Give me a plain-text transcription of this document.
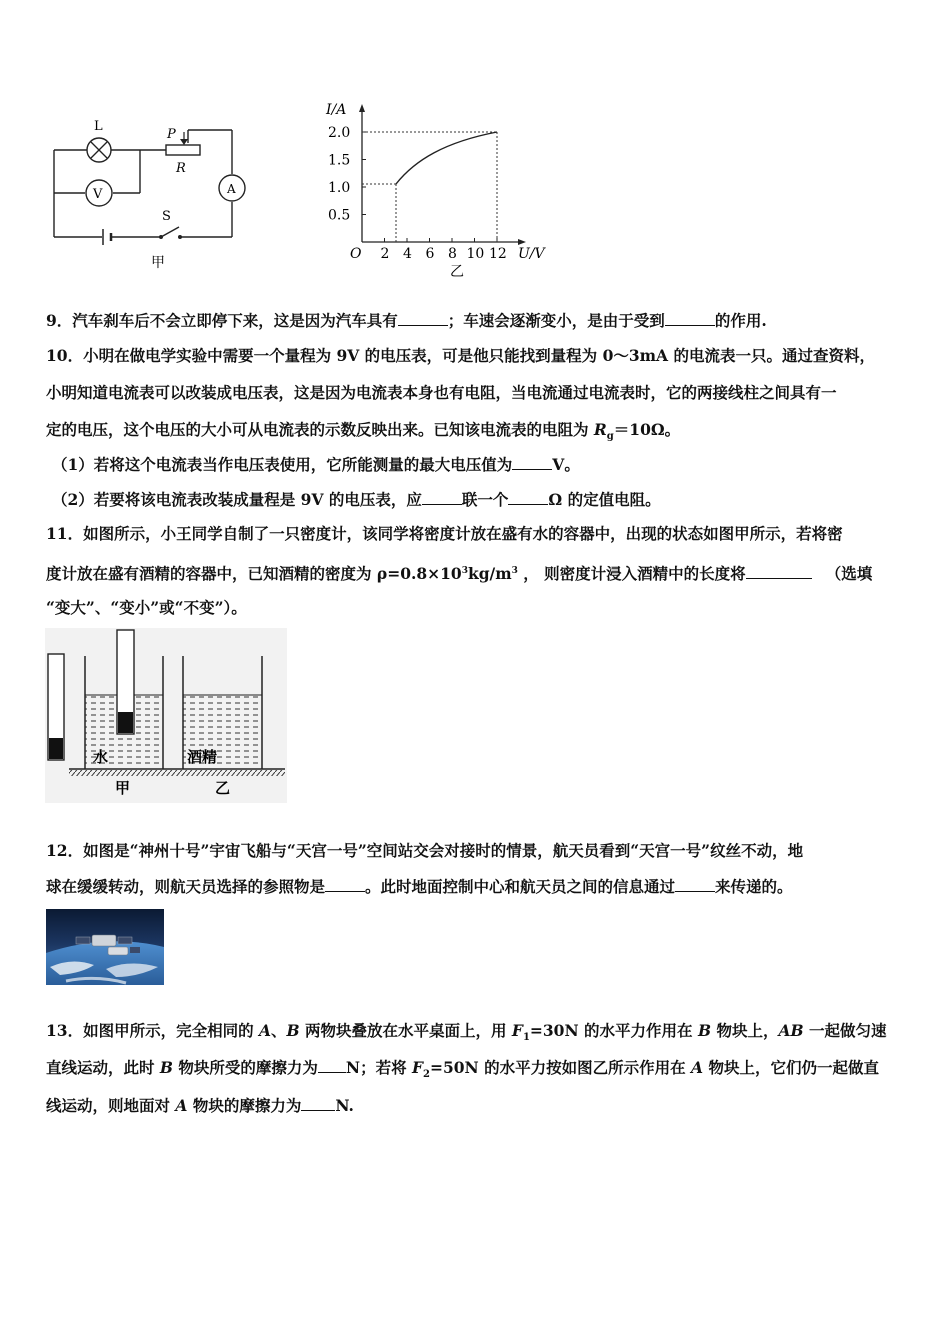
L
V
P
R
A
S
甲
I/A
U/V
O
2.0
1.5
1.0
0.5
2 4 6 8 10 12
乙
9．汽车刹车后不会立即停下来，这是因为汽车具有	；车速会逐渐变小，是由于受到	的作用.
10．小明在做电学实验中需要一个量程为 9V 的电压表，可是他只能找到量程为 0～3mA 的电流表一只。通过查资料，
小明知道电流表可以改装成电压表，这是因为电流表本身也有电阻，当电流通过电流表时，它的两接线柱之间具有一
定的电压，这个电压的大小可从电流表的示数反映出来。已知该电流表的电阻为 $R_g=10\Omega$。
（1）若将这个电流表当作电压表使用，它所能测量的最大电压值为	V。
（2）若要将该电流表改装成量程是 9V 的电压表，应	联一个	Ω 的定值电阻。
11．如图所示，小王同学自制了一只密度计，该同学将密度计放在盛有水的容器中，出现的状态如图甲所示，若将密
度计放在盛有酒精的容器中，已知酒精的密度为 $\rho=0.8\times 10^3kg/m^3$ ， 则密度计浸入酒精中的长度将	（选填
“变大”、“变小”或“不变”）。
水	酒精
甲	乙
12．如图是“神州十号”宇宙飞船与“天宫一号”空间站交会对接时的情景，航天员看到“天宫一号”纹丝不动，地
球在缓缓转动，则航天员选择的参照物是	。此时地面控制中心和航天员之间的信息通过	来传递的。
13．如图甲所示，完全相同的 A、B 两物块叠放在水平桌面上，用 $F_1=30N$ 的水平力作用在 B 物块上，AB 一起做匀速
直线运动，此时 B 物块所受的摩擦力为 N；若将 $F_2=50N$ 的水平力按如图乙所示作用在 A 物块上，它们仍一起做直
线运动，则地面对 A 物块的摩擦力为 N.
